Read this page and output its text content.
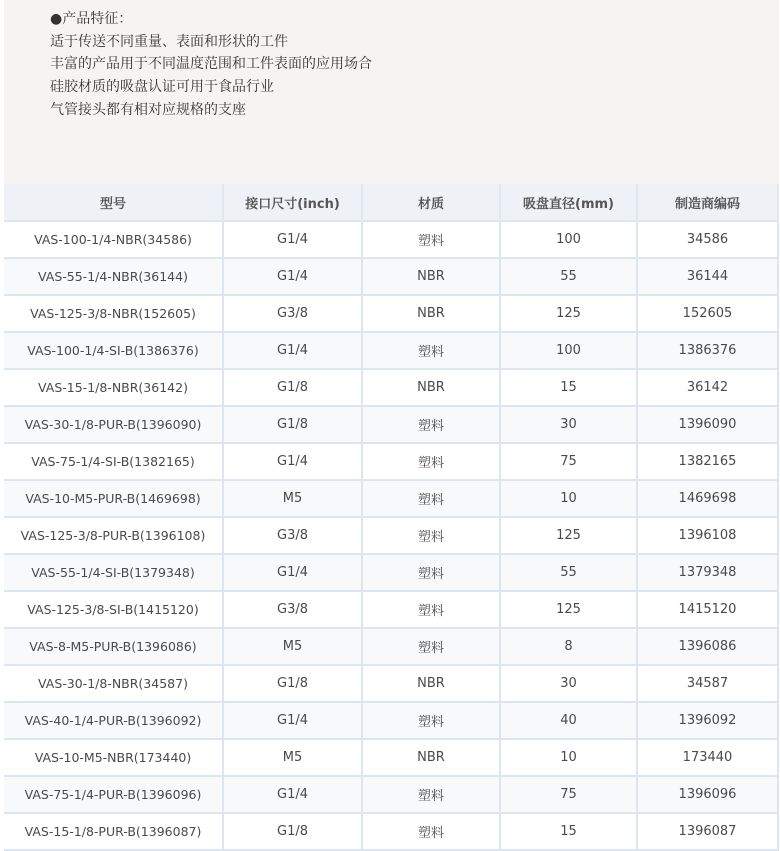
●产品特征：
适于传送不同重量、表面和形状的工件
丰富的产品用于不同温度范围和工件表面的应用场合
硅胶材质的吸盘认证可用于食品行业
气管接头都有相对应规格的支座
型号	接口尺寸(inch)	材质	吸盘直径(mm)	制造商编码
VAS-100-1/4-NBR(34586)	G1/4	塑料	100	34586
VAS-55-1/4-NBR(36144)	G1/4	NBR	55	36144
VAS-125-3/8-NBR(152605)	G3/8	NBR	125	152605
VAS-100-1/4-SI-B(1386376)	G1/4	塑料	100	1386376
VAS-15-1/8-NBR(36142)	G1/8	NBR	15	36142
VAS-30-1/8-PUR-B(1396090)	G1/8	塑料	30	1396090
VAS-75-1/4-SI-B(1382165)	G1/4	塑料	75	1382165
VAS-10-M5-PUR-B(1469698)	M5	塑料	10	1469698
VAS-125-3/8-PUR-B(1396108)	G3/8	塑料	125	1396108
VAS-55-1/4-SI-B(1379348)	G1/4	塑料	55	1379348
VAS-125-3/8-SI-B(1415120)	G3/8	塑料	125	1415120
VAS-8-M5-PUR-B(1396086)	M5	塑料	8	1396086
VAS-30-1/8-NBR(34587)	G1/8	NBR	30	34587
VAS-40-1/4-PUR-B(1396092)	G1/4	塑料	40	1396092
VAS-10-M5-NBR(173440)	M5	NBR	10	173440
VAS-75-1/4-PUR-B(1396096)	G1/4	塑料	75	1396096
VAS-15-1/8-PUR-B(1396087)	G1/8	塑料	15	1396087
